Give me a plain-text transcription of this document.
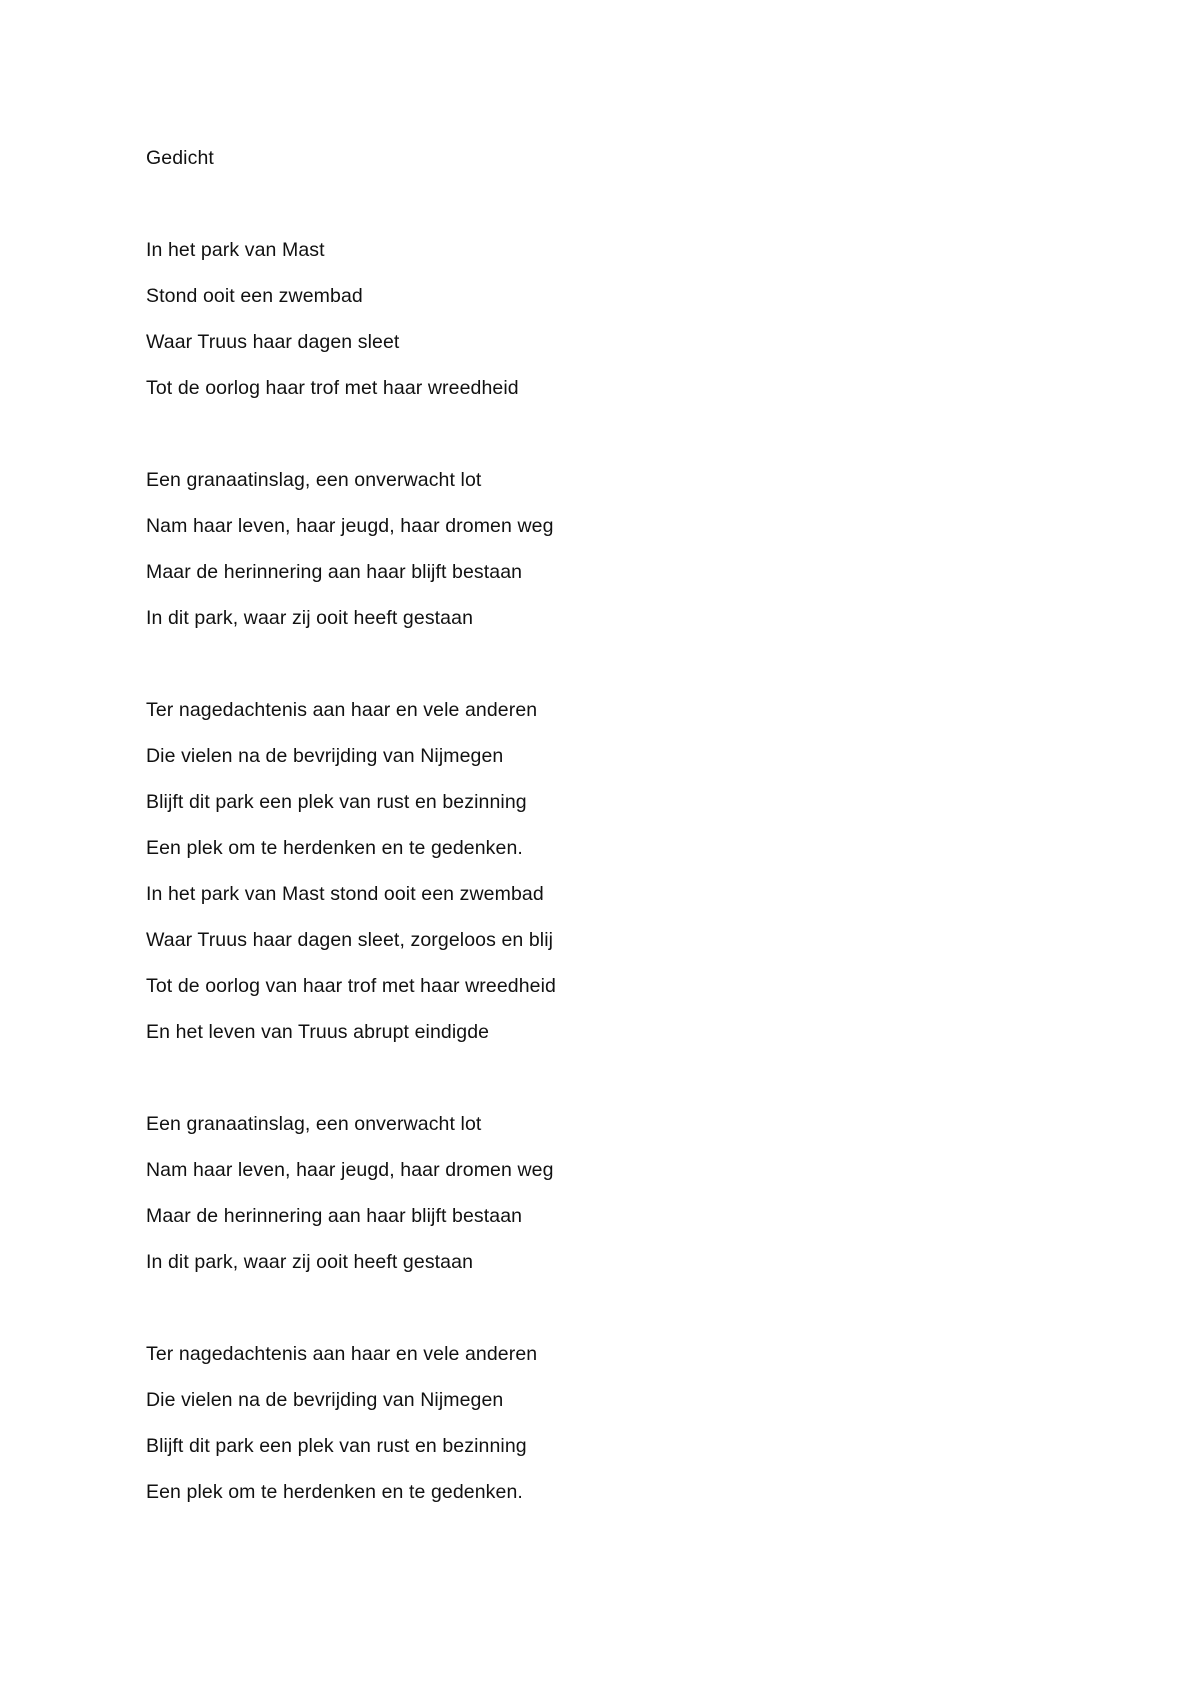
Gedicht

In het park van Mast

Stond ooit een zwembad

Waar Truus haar dagen sleet

Tot de oorlog haar trof met haar wreedheid

Een granaatinslag, een onverwacht lot

Nam haar leven, haar jeugd, haar dromen weg

Maar de herinnering aan haar blijft bestaan

In dit park, waar zij ooit heeft gestaan

Ter nagedachtenis aan haar en vele anderen

Die vielen na de bevrijding van Nijmegen

Blijft dit park een plek van rust en bezinning

Een plek om te herdenken en te gedenken.

In het park van Mast stond ooit een zwembad

Waar Truus haar dagen sleet, zorgeloos en blij

Tot de oorlog van haar trof met haar wreedheid

En het leven van Truus abrupt eindigde

Een granaatinslag, een onverwacht lot

Nam haar leven, haar jeugd, haar dromen weg

Maar de herinnering aan haar blijft bestaan

In dit park, waar zij ooit heeft gestaan

Ter nagedachtenis aan haar en vele anderen

Die vielen na de bevrijding van Nijmegen

Blijft dit park een plek van rust en bezinning

Een plek om te herdenken en te gedenken.
